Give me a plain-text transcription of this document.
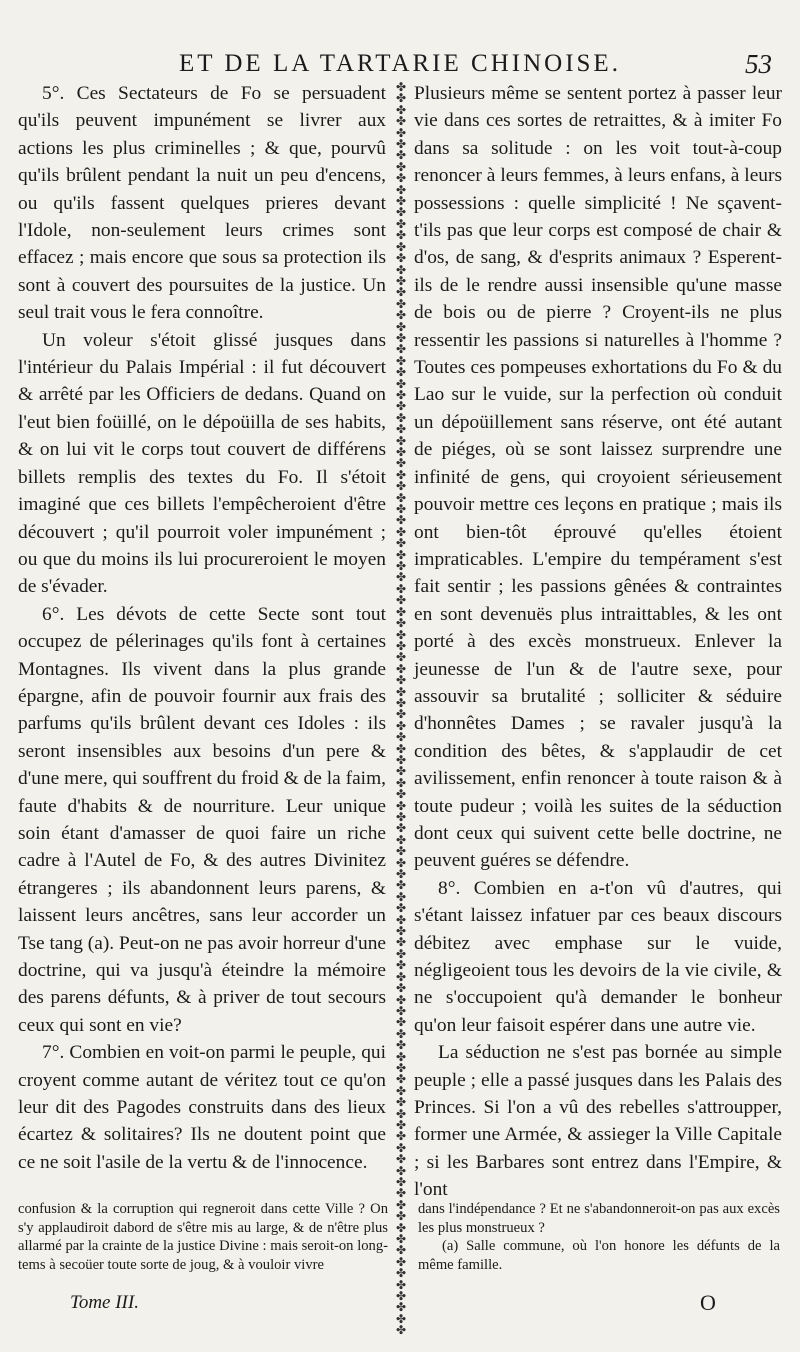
ET DE LA TARTARIE CHINOISE.	53

5°. Ces Sectateurs de Fo se persuadent qu'ils peuvent impunément se livrer aux actions les plus criminelles ; & que, pourvû qu'ils brûlent pendant la nuit un peu d'encens, ou qu'ils fassent quelques prieres devant l'Idole, non-seulement leurs crimes sont effacez ; mais encore que sous sa protection ils sont à couvert des poursuites de la justice. Un seul trait vous le fera connoître.

Un voleur s'étoit glissé jusques dans l'intérieur du Palais Impérial : il fut découvert & arrêté par les Officiers de dedans. Quand on l'eut bien foüillé, on le dépoüilla de ses habits, & on lui vit le corps tout couvert de différens billets remplis des textes du Fo. Il s'étoit imaginé que ces billets l'empêcheroient d'être découvert ; qu'il pourroit voler impunément ; ou que du moins ils lui procureroient le moyen de s'évader.

6°. Les dévots de cette Secte sont tout occupez de pélerinages qu'ils font à certaines Montagnes. Ils vivent dans la plus grande épargne, afin de pouvoir fournir aux frais des parfums qu'ils brûlent devant ces Idoles : ils seront insensibles aux besoins d'un pere & d'une mere, qui souffrent du froid & de la faim, faute d'habits & de nourriture. Leur unique soin étant d'amasser de quoi faire un riche cadre à l'Autel de Fo, & des autres Divinitez étrangeres ; ils abandonnent leurs parens, & laissent leurs ancêtres, sans leur accorder un Tse tang (a). Peut-on ne pas avoir horreur d'une doctrine, qui va jusqu'à éteindre la mémoire des parens défunts, & à priver de tout secours ceux qui sont en vie?

7°. Combien en voit-on parmi le peuple, qui croyent comme autant de véritez tout ce qu'on leur dit des Pagodes construits dans des lieux écartez & solitaires? Ils ne doutent point que ce ne soit l'asile de la vertu & de l'innocence.

✤
✤
✤
✤
✤
✤
✤
✤
✤
✤
✤
✤
✤
✤
✤
✤
✤
✤
✤
✤
✤
✤
✤
✤
✤
✤
✤
✤
✤
✤
✤
✤
✤
✤
✤
✤
✤
✤
✤
✤
✤
✤
✤
✤
✤
✤
✤
✤
✤
✤
✤
✤
✤
✤
✤
✤
✤
✤
✤
✤
✤
✤
✤
✤
✤
✤
✤
✤
✤
✤
✤
✤
✤
✤
✤
✤
✤
✤
✤
✤
✤
✤
✤
✤
✤
✤
✤
✤
✤
✤
✤
✤
✤
✤
✤
✤
✤
✤
✤
✤
✤
✤
✤
✤
✤
✤
✤
✤
✤
✤

Plusieurs même se sentent portez à passer leur vie dans ces sortes de retraittes, & à imiter Fo dans sa solitude : on les voit tout-à-coup renoncer à leurs femmes, à leurs enfans, à leurs possessions : quelle simplicité ! Ne sçavent-t'ils pas que leur corps est composé de chair & d'os, de sang, & d'esprits animaux ? Esperent-ils de le rendre aussi insensible qu'une masse de bois ou de pierre ? Croyent-ils ne plus ressentir les passions si naturelles à l'homme ? Toutes ces pompeuses exhortations du Fo & du Lao sur le vuide, sur la perfection où conduit un dépoüillement sans réserve, ont été autant de piéges, où se sont laissez surprendre une infinité de gens, qui croyoient sérieusement pouvoir mettre ces leçons en pratique ; mais ils ont bien-tôt éprouvé qu'elles étoient impraticables. L'empire du tempérament s'est fait sentir ; les passions gênées & contraintes en sont devenuës plus intraittables, & les ont porté à des excès monstrueux. Enlever la jeunesse de l'un & de l'autre sexe, pour assouvir sa brutalité ; solliciter & séduire d'honnêtes Dames ; se ravaler jusqu'à la condition des bêtes, & s'applaudir de cet avilissement, enfin renoncer à toute raison & à toute pudeur ; voilà les suites de la séduction dont ceux qui suivent cette belle doctrine, ne peuvent guéres se défendre.

8°. Combien en a-t'on vû d'autres, qui s'étant laissez infatuer par ces beaux discours débitez avec emphase sur le vuide, négligeoient tous les devoirs de la vie civile, & ne s'occupoient qu'à demander le bonheur qu'on leur faisoit espérer dans une autre vie.

La séduction ne s'est pas bornée au simple peuple ; elle a passé jusques dans les Palais des Princes. Si l'on a vû des rebelles s'attroupper, former une Armée, & assieger la Ville Capitale ; si les Barbares sont entrez dans l'Empire, & l'ont

confusion & la corruption qui regneroit dans cette Ville ? On s'y applaudiroit dabord de s'être mis au large, & de n'être plus allarmé par la crainte de la justice Divine : mais seroit-on long-tems à secoüer toute sorte de joug, & à vouloir vivre

dans l'indépendance ? Et ne s'abandonneroit-on pas aux excès les plus monstrueux ?

(a) Salle commune, où l'on honore les défunts de la même famille.

Tome III.	O
